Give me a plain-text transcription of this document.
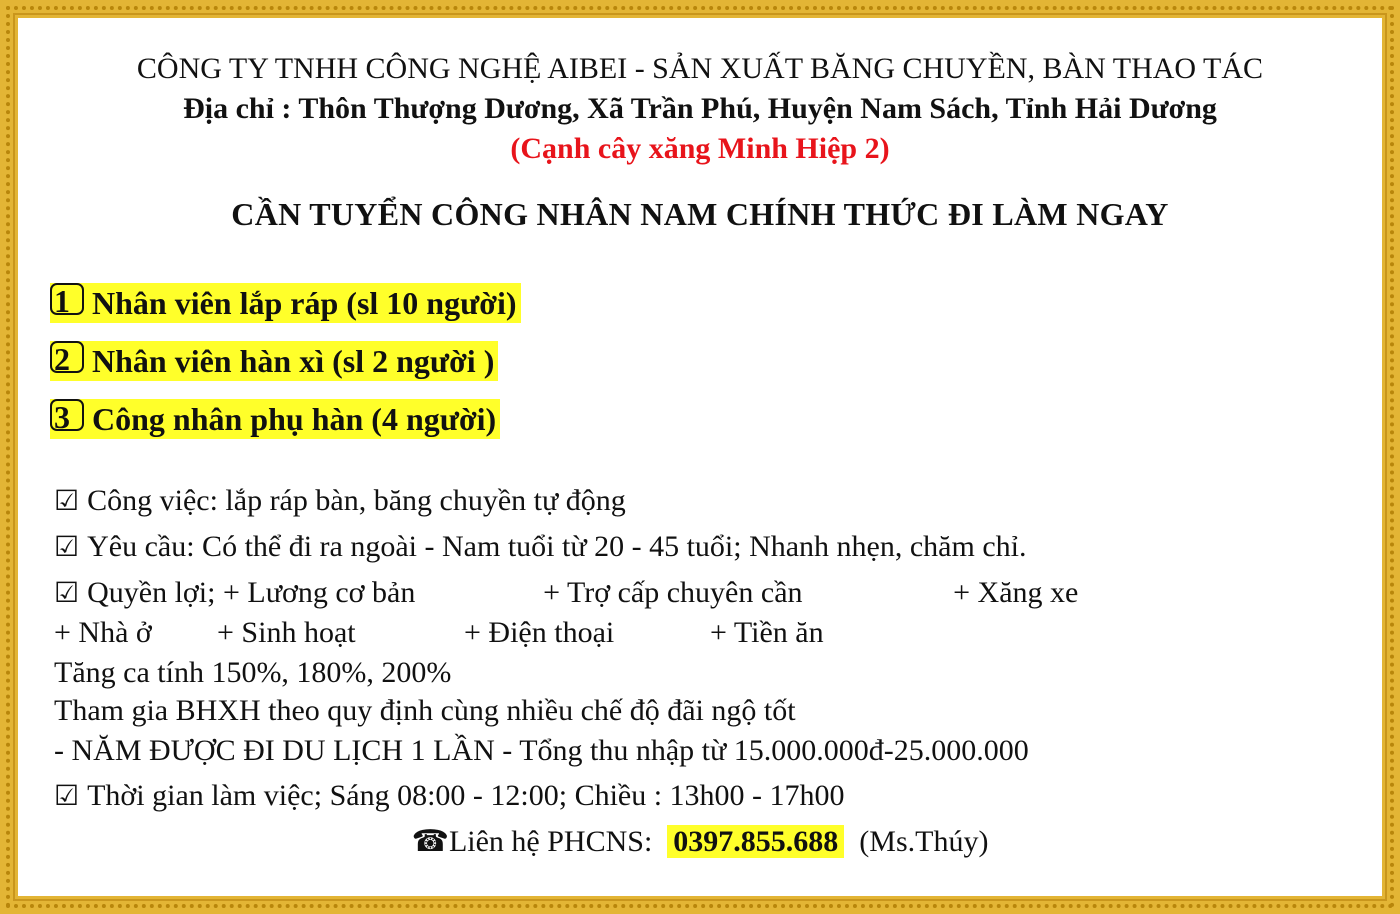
CÔNG TY TNHH CÔNG NGHỆ AIBEI - SẢN XUẤT BĂNG CHUYỀN, BÀN THAO TÁC
Địa chỉ : Thôn Thượng Dương, Xã Trần Phú, Huyện Nam Sách, Tỉnh Hải Dương
(Cạnh cây xăng Minh Hiệp 2)
CẦN TUYỂN CÔNG NHÂN NAM CHÍNH THỨC ĐI LÀM NGAY
1 Nhân viên lắp ráp (sl 10 người)
2 Nhân viên hàn xì (sl 2 người )
3 Công nhân phụ hàn (4 người)
☑ Công việc: lắp ráp bàn, băng chuyền tự động
☑ Yêu cầu: Có thể đi ra ngoài - Nam tuổi từ 20 - 45 tuổi; Nhanh nhẹn, chăm chỉ.
☑ Quyền lợi; + Lương cơ bản	+ Trợ cấp chuyên cần	+ Xăng xe
+ Nhà ở + Sinh hoạt	+ Điện thoại	+ Tiền ăn
Tăng ca tính 150%, 180%, 200%
Tham gia BHXH theo quy định cùng nhiều chế độ đãi ngộ tốt
- NĂM ĐƯỢC ĐI DU LỊCH 1 LẦN - Tổng thu nhập từ 15.000.000đ-25.000.000
☑ Thời gian làm việc; Sáng 08:00 - 12:00; Chiều : 13h00 - 17h00
☎Liên hệ PHCNS: 0397.855.688 (Ms.Thúy)
